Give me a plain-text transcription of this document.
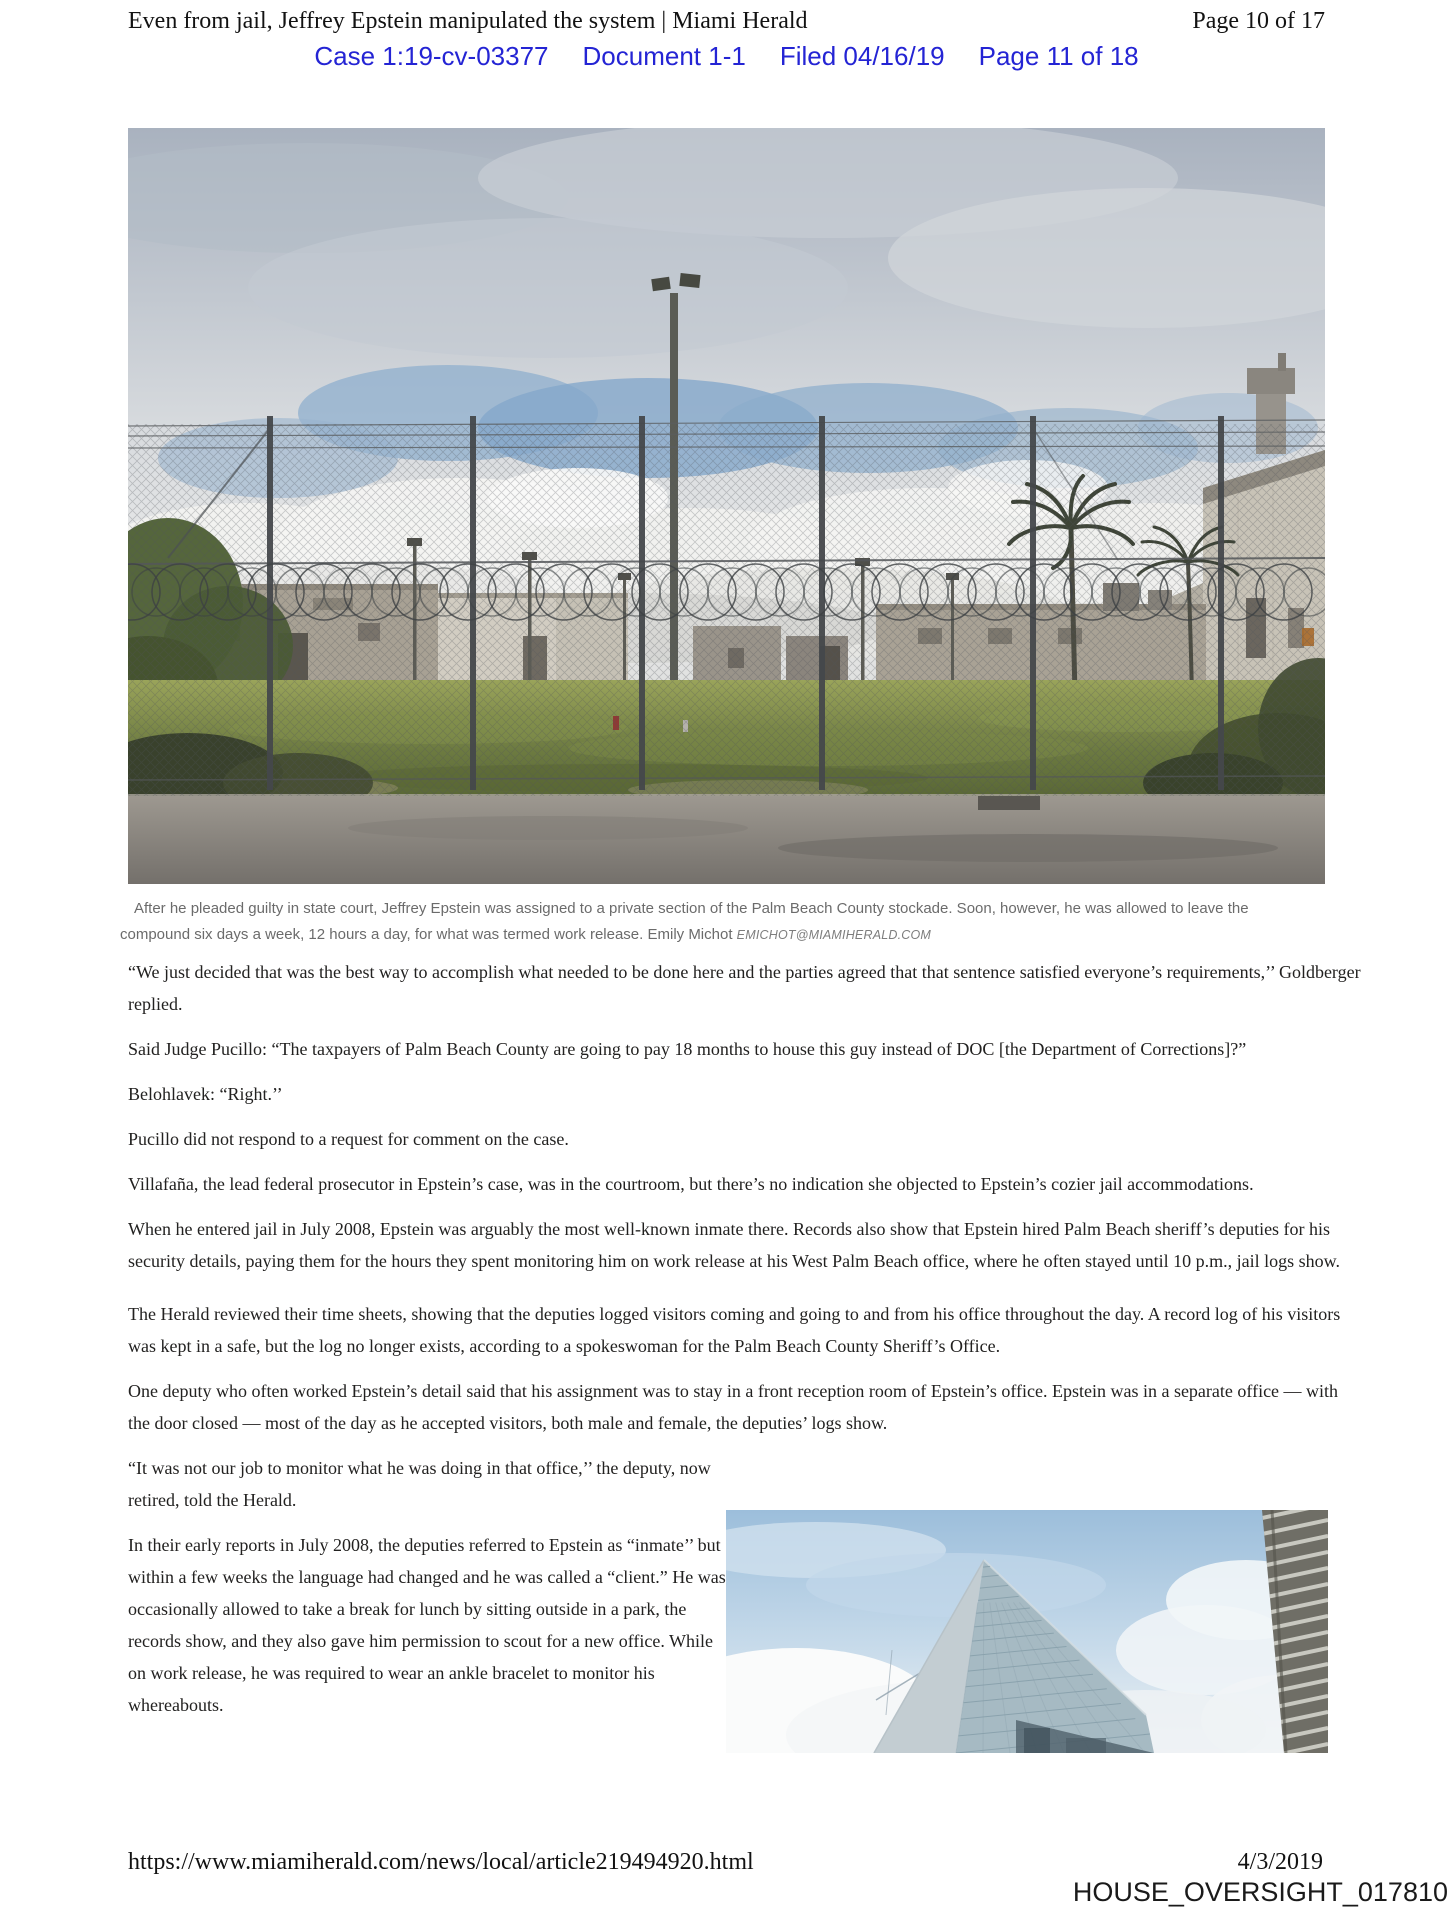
Even from jail, Jeffrey Epstein manipulated the system | Miami Herald	Page 10 of 17
Case 1:19-cv-03377 Document 1-1 Filed 04/16/19 Page 11 of 18
After he pleaded guilty in state court, Jeffrey Epstein was assigned to a private section of the Palm Beach County stockade. Soon, however, he was allowed to leave the compound six days a week, 12 hours a day, for what was termed work release. Emily Michot EMICHOT@MIAMIHERALD.COM

“We just decided that was the best way to accomplish what needed to be done here and the parties agreed that that sentence satisfied everyone’s requirements,’’ Goldberger replied.

Said Judge Pucillo: “The taxpayers of Palm Beach County are going to pay 18 months to house this guy instead of DOC [the Department of Corrections]?”

Belohlavek: “Right.’’

Pucillo did not respond to a request for comment on the case.

Villafaña, the lead federal prosecutor in Epstein’s case, was in the courtroom, but there’s no indication she objected to Epstein’s cozier jail accommodations.

When he entered jail in July 2008, Epstein was arguably the most well-known inmate there. Records also show that Epstein hired Palm Beach sheriff’s deputies for his security details, paying them for the hours they spent monitoring him on work release at his West Palm Beach office, where he often stayed until 10 p.m., jail logs show.

The Herald reviewed their time sheets, showing that the deputies logged visitors coming and going to and from his office throughout the day. A record log of his visitors was kept in a safe, but the log no longer exists, according to a spokeswoman for the Palm Beach County Sheriff’s Office.

One deputy who often worked Epstein’s detail said that his assignment was to stay in a front reception room of Epstein’s office. Epstein was in a separate office — with the door closed — most of the day as he accepted visitors, both male and female, the deputies’ logs show.

“It was not our job to monitor what he was doing in that office,’’ the deputy, now retired, told the Herald.

In their early reports in July 2008, the deputies referred to Epstein as “inmate’’ but within a few weeks the language had changed and he was called a “client.” He was occasionally allowed to take a break for lunch by sitting outside in a park, the records show, and they also gave him permission to scout for a new office. While on work release, he was required to wear an ankle bracelet to monitor his whereabouts.

https://www.miamiherald.com/news/local/article219494920.html	4/3/2019
HOUSE_OVERSIGHT_017810
